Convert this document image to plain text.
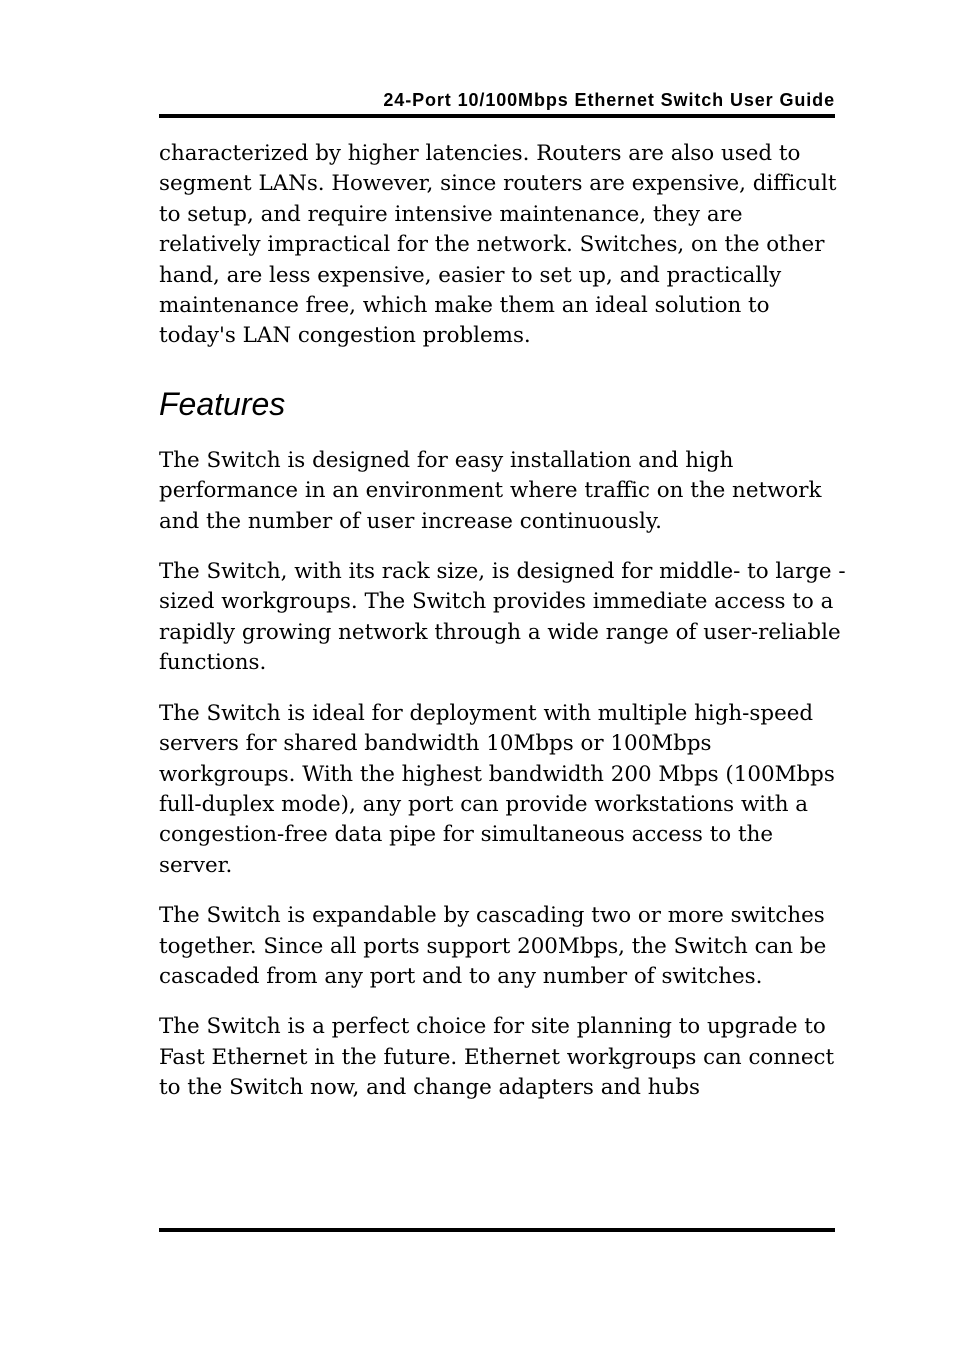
24-Port 10/100Mbps Ethernet Switch User Guide

characterized by higher latencies. Routers are also used to segment LANs. However, since routers are expensive, difficult to setup, and require intensive maintenance, they are relatively impractical for the network. Switches, on the other hand, are less expensive, easier to set up, and practically maintenance free, which make them an ideal solution to today's LAN congestion problems.

Features

The Switch is designed for easy installation and high performance in an environment where traffic on the network and the number of user increase continuously.

The Switch, with its rack size, is designed for middle- to large -sized workgroups. The Switch provides immediate access to a rapidly growing network through a wide range of user-reliable functions.

The Switch is ideal for deployment with multiple high-speed servers for shared bandwidth 10Mbps or 100Mbps workgroups. With the highest bandwidth 200 Mbps (100Mbps full-duplex mode), any port can provide workstations with a congestion-free data pipe for simultaneous access to the server.

The Switch is expandable by cascading two or more switches together. Since all ports support 200Mbps, the Switch can be cascaded from any port and to any number of switches.

The Switch is a perfect choice for site planning to upgrade to Fast Ethernet in the future. Ethernet workgroups can connect to the Switch now, and change adapters and hubs
